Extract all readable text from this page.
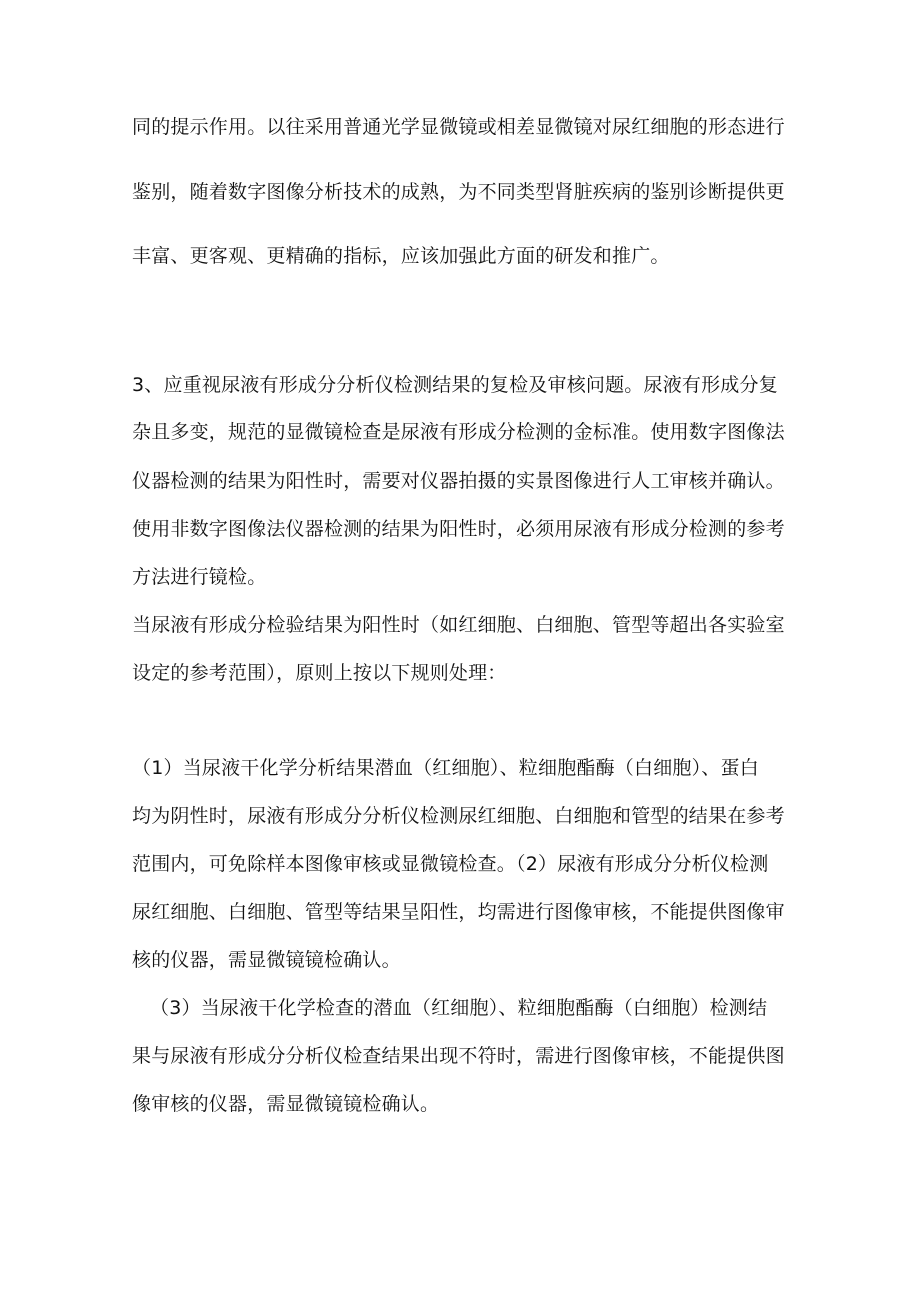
同的提示作用。以往采用普通光学显微镜或相差显微镜对尿红细胞的形态进行

鉴别，随着数字图像分析技术的成熟，为不同类型肾脏疾病的鉴别诊断提供更

丰富、更客观、更精确的指标，应该加强此方面的研发和推广。

3、应重视尿液有形成分分析仪检测结果的复检及审核问题。尿液有形成分复

杂且多变，规范的显微镜检查是尿液有形成分检测的金标准。使用数字图像法

仪器检测的结果为阳性时，需要对仪器拍摄的实景图像进行人工审核并确认。

使用非数字图像法仪器检测的结果为阳性时，必须用尿液有形成分检测的参考

方法进行镜检。

当尿液有形成分检验结果为阳性时（如红细胞、白细胞、管型等超出各实验室

设定的参考范围），原则上按以下规则处理：

（1）当尿液干化学分析结果潜血（红细胞）、粒细胞酯酶（白细胞）、蛋白

均为阴性时，尿液有形成分分析仪检测尿红细胞、白细胞和管型的结果在参考

范围内，可免除样本图像审核或显微镜检查。（2）尿液有形成分分析仪检测

尿红细胞、白细胞、管型等结果呈阳性，均需进行图像审核，不能提供图像审

核的仪器，需显微镜镜检确认。

（3）当尿液干化学检查的潜血（红细胞）、粒细胞酯酶（白细胞）检测结

果与尿液有形成分分析仪检查结果出现不符时，需进行图像审核，不能提供图

像审核的仪器，需显微镜镜检确认。
